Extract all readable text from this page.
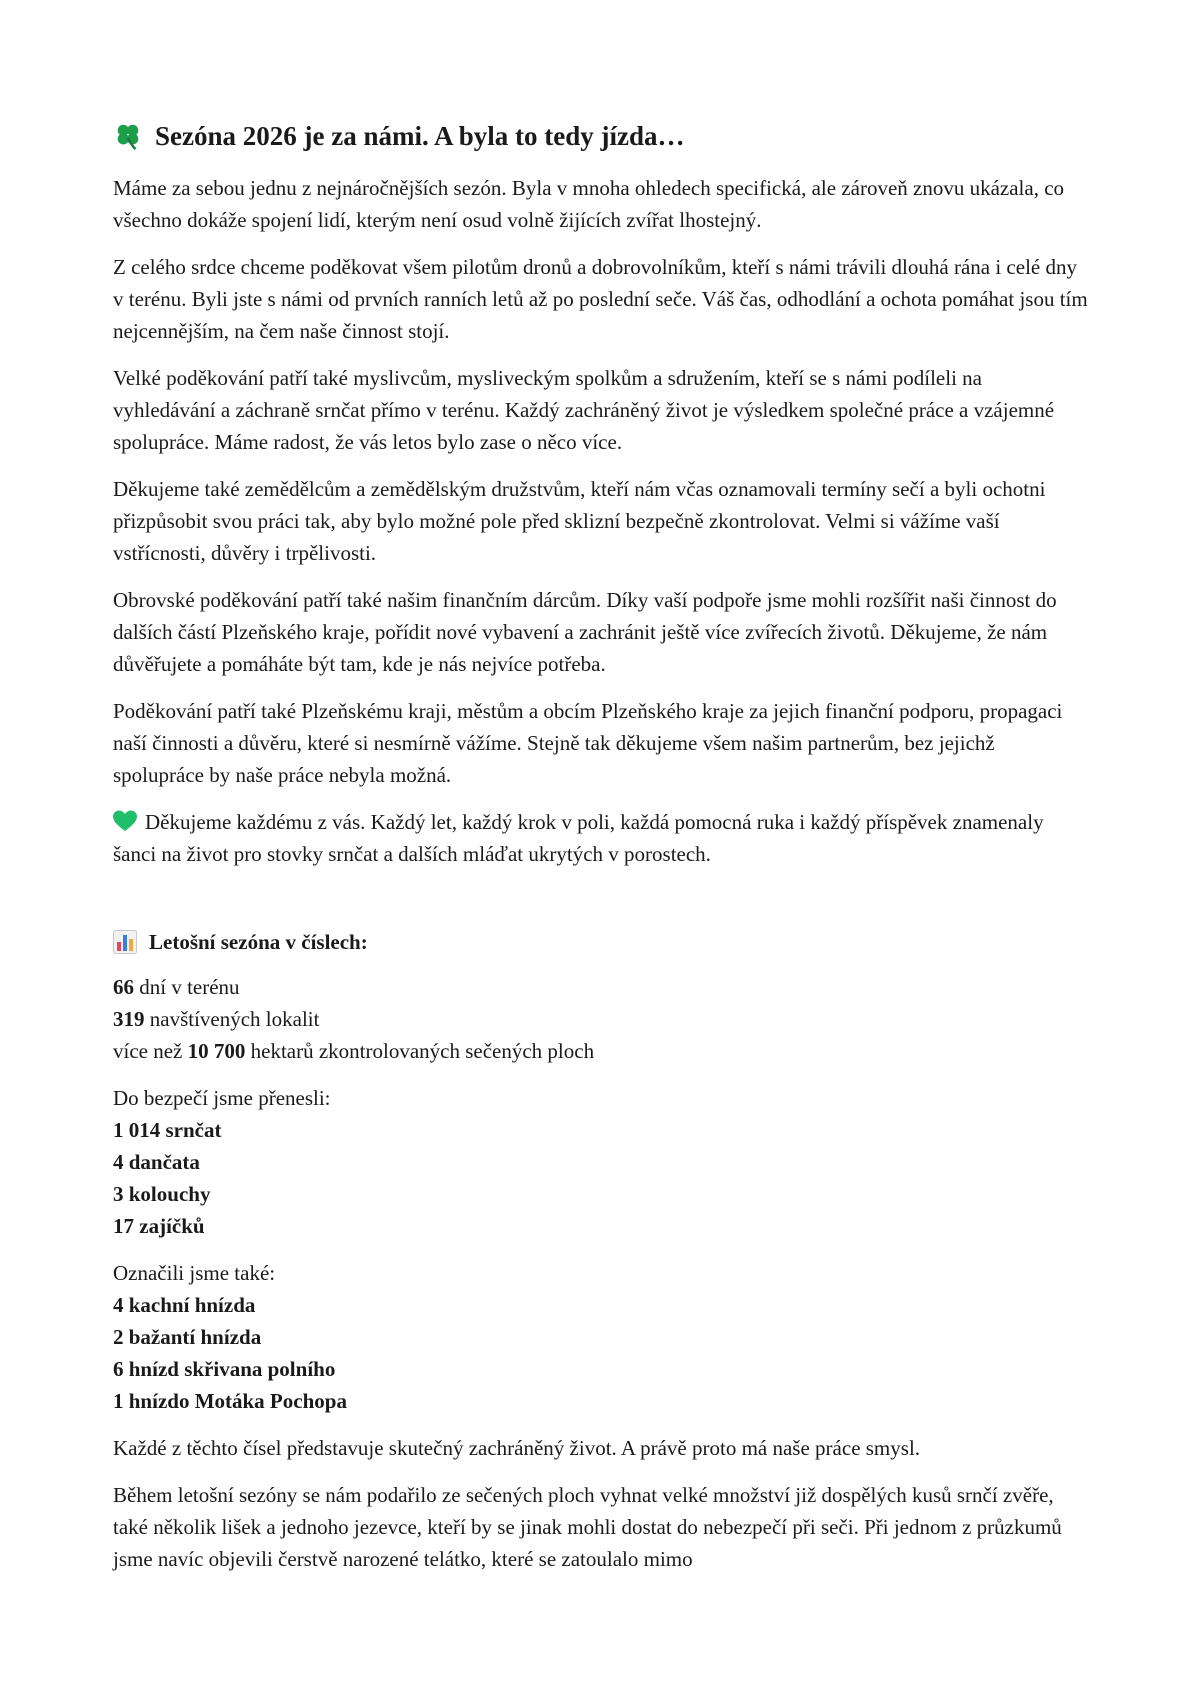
Sezóna 2026 je za námi. A byla to tedy jízda…

Máme za sebou jednu z nejnáročnějších sezón. Byla v mnoha ohledech specifická, ale zároveň znovu ukázala, co všechno dokáže spojení lidí, kterým není osud volně žijících zvířat lhostejný.

Z celého srdce chceme poděkovat všem pilotům dronů a dobrovolníkům, kteří s námi trávili dlouhá rána i celé dny v terénu. Byli jste s námi od prvních ranních letů až po poslední seče. Váš čas, odhodlání a ochota pomáhat jsou tím nejcennějším, na čem naše činnost stojí.

Velké poděkování patří také myslivcům, mysliveckým spolkům a sdružením, kteří se s námi podíleli na vyhledávání a záchraně srnčat přímo v terénu. Každý zachráněný život je výsledkem společné práce a vzájemné spolupráce. Máme radost, že vás letos bylo zase o něco více.

Děkujeme také zemědělcům a zemědělským družstvům, kteří nám včas oznamovali termíny sečí a byli ochotni přizpůsobit svou práci tak, aby bylo možné pole před sklizní bezpečně zkontrolovat. Velmi si vážíme vaší vstřícnosti, důvěry i trpělivosti.

Obrovské poděkování patří také našim finančním dárcům. Díky vaší podpoře jsme mohli rozšířit naši činnost do dalších částí Plzeňského kraje, pořídit nové vybavení a zachránit ještě více zvířecích životů. Děkujeme, že nám důvěřujete a pomáháte být tam, kde je nás nejvíce potřeba.

Poděkování patří také Plzeňskému kraji, městům a obcím Plzeňského kraje za jejich finanční podporu, propagaci naší činnosti a důvěru, které si nesmírně vážíme. Stejně tak děkujeme všem našim partnerům, bez jejichž spolupráce by naše práce nebyla možná.

Děkujeme každému z vás. Každý let, každý krok v poli, každá pomocná ruka i každý příspěvek znamenaly šanci na život pro stovky srnčat a dalších mláďat ukrytých v porostech.

Letošní sezóna v číslech:
66 dní v terénu
319 navštívených lokalit
více než 10 700 hektarů zkontrolovaných sečených ploch
Do bezpečí jsme přenesli:
1 014 srnčat
4 dančata
3 kolouchy
17 zajíčků
Označili jsme také:
4 kachní hnízda
2 bažantí hnízda
6 hnízd skřivana polního
1 hnízdo Motáka Pochopa

Každé z těchto čísel představuje skutečný zachráněný život. A právě proto má naše práce smysl.

Během letošní sezóny se nám podařilo ze sečených ploch vyhnat velké množství již dospělých kusů srnčí zvěře, také několik lišek a jednoho jezevce, kteří by se jinak mohli dostat do nebezpečí při seči. Při jednom z průzkumů jsme navíc objevili čerstvě narozené telátko, které se zatoulalo mimo
